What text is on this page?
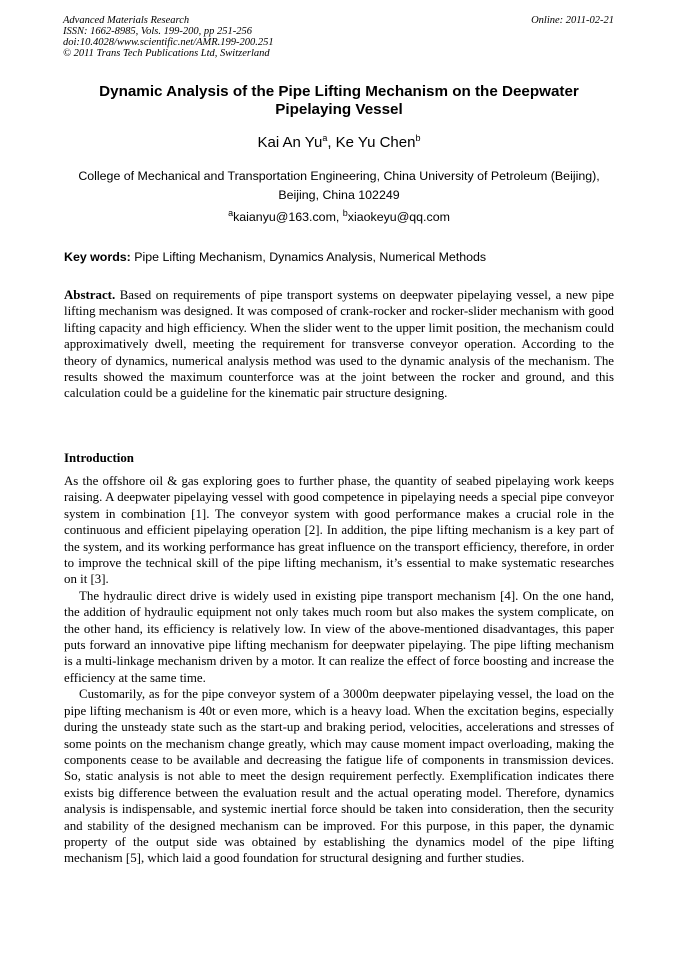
Advanced Materials Research
ISSN: 1662-8985, Vols. 199-200, pp 251-256
doi:10.4028/www.scientific.net/AMR.199-200.251
© 2011 Trans Tech Publications Ltd, Switzerland
Online: 2011-02-21
Dynamic Analysis of the Pipe Lifting Mechanism on the Deepwater Pipelaying Vessel
Kai An Yu$^a$, Ke Yu Chen$^b$
College of Mechanical and Transportation Engineering, China University of Petroleum (Beijing),
Beijing, China 102249
$^a$kaianyu@163.com, $^b$xiaokeyu@qq.com
Key words: Pipe Lifting Mechanism, Dynamics Analysis, Numerical Methods
Abstract. Based on requirements of pipe transport systems on deepwater pipelaying vessel, a new pipe lifting mechanism was designed. It was composed of crank-rocker and rocker-slider mechanism with good lifting capacity and high efficiency. When the slider went to the upper limit position, the mechanism could approximatively dwell, meeting the requirement for transverse conveyor operation. According to the theory of dynamics, numerical analysis method was used to the dynamic analysis of the mechanism. The results showed the maximum counterforce was at the joint between the rocker and ground, and this calculation could be a guideline for the kinematic pair structure designing.
Introduction

As the offshore oil & gas exploring goes to further phase, the quantity of seabed pipelaying work keeps raising. A deepwater pipelaying vessel with good competence in pipelaying needs a special pipe conveyor system in combination [1]. The conveyor system with good performance makes a crucial role in the continuous and efficient pipelaying operation [2]. In addition, the pipe lifting mechanism is a key part of the system, and its working performance has great influence on the transport efficiency, therefore, in order to improve the technical skill of the pipe lifting mechanism, it’s essential to make systematic researches on it [3].

The hydraulic direct drive is widely used in existing pipe transport mechanism [4]. On the one hand, the addition of hydraulic equipment not only takes much room but also makes the system complicate, on the other hand, its efficiency is relatively low. In view of the above-mentioned disadvantages, this paper puts forward an innovative pipe lifting mechanism for deepwater pipelaying. The pipe lifting mechanism is a multi-linkage mechanism driven by a motor. It can realize the effect of force boosting and increase the efficiency at the same time.

Customarily, as for the pipe conveyor system of a 3000m deepwater pipelaying vessel, the load on the pipe lifting mechanism is 40t or even more, which is a heavy load. When the excitation begins, especially during the unsteady state such as the start-up and braking period, velocities, accelerations and stresses of some points on the mechanism change greatly, which may cause moment impact overloading, making the components cease to be available and decreasing the fatigue life of components in transmission devices. So, static analysis is not able to meet the design requirement perfectly. Exemplification indicates there exists big difference between the evaluation result and the actual operating model. Therefore, dynamics analysis is indispensable, and systemic inertial force should be taken into consideration, then the security and stability of the designed mechanism can be improved. For this purpose, in this paper, the dynamic property of the output side was obtained by establishing the dynamics model of the pipe lifting mechanism [5], which laid a good foundation for structural designing and further studies.
